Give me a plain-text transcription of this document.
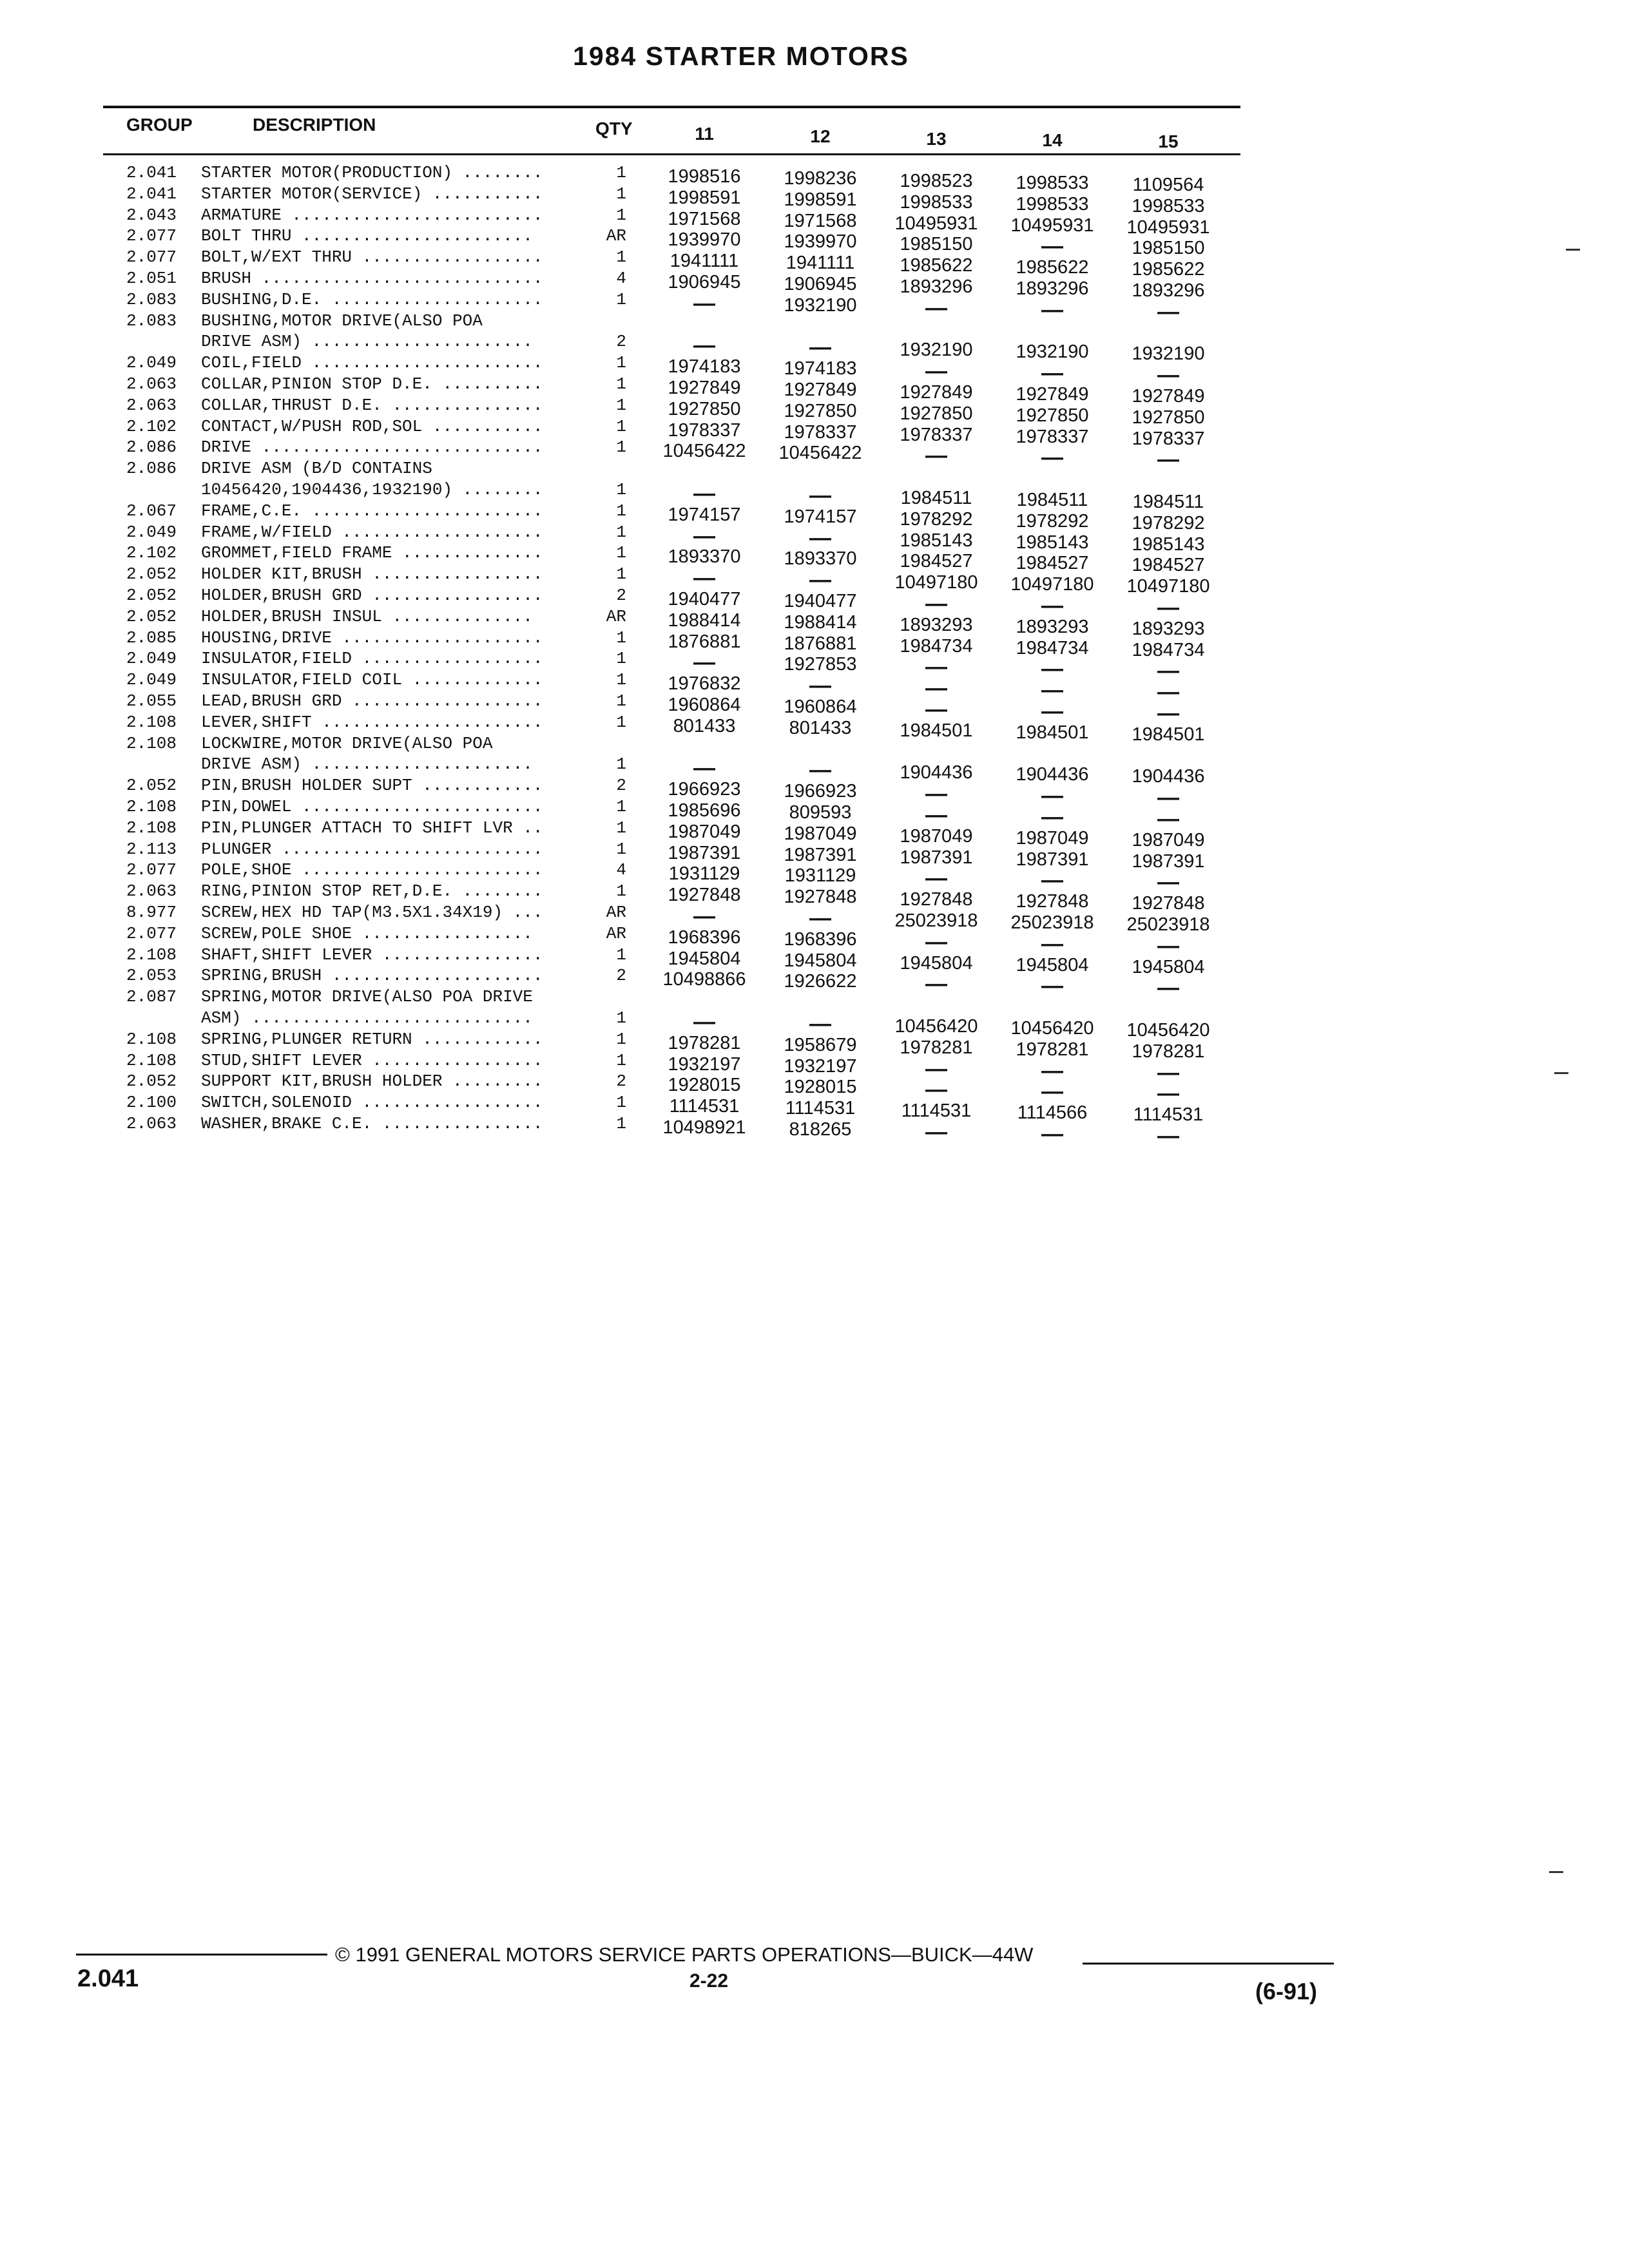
1984 STARTER MOTORS
GROUP	DESCRIPTION	QTY	11	12	13	14	15
2.041 STARTER MOTOR(PRODUCTION) ........	1	1998516	1998236	1998523	1998533	1109564
2.041 STARTER MOTOR(SERVICE) ...........	1	1998591	1998591	1998533	1998533	1998533
2.043 ARMATURE .........................	1	1971568	1971568	10495931	10495931	10495931
2.077 BOLT THRU .......................	AR	1939970	1939970	1985150	—	1985150
2.077 BOLT,W/EXT THRU ..................	1	1941111	1941111	1985622	1985622	1985622
2.051 BRUSH ............................	4	1906945	1906945	1893296	1893296	1893296
2.083 BUSHING,D.E. .....................	1	—	1932190	—	—	—
2.083 BUSHING,MOTOR DRIVE(ALSO POA
DRIVE ASM) ......................	2	—	—	1932190	1932190	1932190
2.049 COIL,FIELD .......................	1	1974183	1974183	—	—	—
2.063 COLLAR,PINION STOP D.E. ..........	1	1927849	1927849	1927849	1927849	1927849
2.063 COLLAR,THRUST D.E. ...............	1	1927850	1927850	1927850	1927850	1927850
2.102 CONTACT,W/PUSH ROD,SOL ...........	1	1978337	1978337	1978337	1978337	1978337
2.086 DRIVE ............................	1	10456422	10456422	—	—	—
2.086 DRIVE ASM (B/D CONTAINS
10456420,1904436,1932190) ........	1	—	—	1984511	1984511	1984511
2.067 FRAME,C.E. .......................	1	1974157	1974157	1978292	1978292	1978292
2.049 FRAME,W/FIELD ....................	1	—	—	1985143	1985143	1985143
2.102 GROMMET,FIELD FRAME ..............	1	1893370	1893370	1984527	1984527	1984527
2.052 HOLDER KIT,BRUSH .................	1	—	—	10497180	10497180	10497180
2.052 HOLDER,BRUSH GRD .................	2	1940477	1940477	—	—	—
2.052 HOLDER,BRUSH INSUL ..............	AR	1988414	1988414	1893293	1893293	1893293
2.085 HOUSING,DRIVE ....................	1	1876881	1876881	1984734	1984734	1984734
2.049 INSULATOR,FIELD ..................	1	—	1927853	—	—	—
2.049 INSULATOR,FIELD COIL .............	1	1976832	—	—	—	—
2.055 LEAD,BRUSH GRD ...................	1	1960864	1960864	—	—	—
2.108 LEVER,SHIFT ......................	1	801433	801433	1984501	1984501	1984501
2.108 LOCKWIRE,MOTOR DRIVE(ALSO POA
DRIVE ASM) ......................	1	—	—	1904436	1904436	1904436
2.052 PIN,BRUSH HOLDER SUPT ............	2	1966923	1966923	—	—	—
2.108 PIN,DOWEL ........................	1	1985696	809593	—	—	—
2.108 PIN,PLUNGER ATTACH TO SHIFT LVR ..	1	1987049	1987049	1987049	1987049	1987049
2.113 PLUNGER ..........................	1	1987391	1987391	1987391	1987391	1987391
2.077 POLE,SHOE ........................	4	1931129	1931129	—	—	—
2.063 RING,PINION STOP RET,D.E. ........	1	1927848	1927848	1927848	1927848	1927848
8.977 SCREW,HEX HD TAP(M3.5X1.34X19) ...	AR	—	—	25023918	25023918	25023918
2.077 SCREW,POLE SHOE .................	AR	1968396	1968396	—	—	—
2.108 SHAFT,SHIFT LEVER ................	1	1945804	1945804	1945804	1945804	1945804
2.053 SPRING,BRUSH .....................	2	10498866	1926622	—	—	—
2.087 SPRING,MOTOR DRIVE(ALSO POA DRIVE
ASM) ............................	1	—	—	10456420	10456420	10456420
2.108 SPRING,PLUNGER RETURN ............	1	1978281	1958679	1978281	1978281	1978281
2.108 STUD,SHIFT LEVER .................	1	1932197	1932197	—	—	—
2.052 SUPPORT KIT,BRUSH HOLDER .........	2	1928015	1928015	—	—	—
2.100 SWITCH,SOLENOID ..................	1	1114531	1114531	1114531	1114566	1114531
2.063 WASHER,BRAKE C.E. ................	1	10498921	818265	—	—	—
© 1991 GENERAL MOTORS SERVICE PARTS OPERATIONS—BUICK—44W
2.041	2-22	(6-91)
